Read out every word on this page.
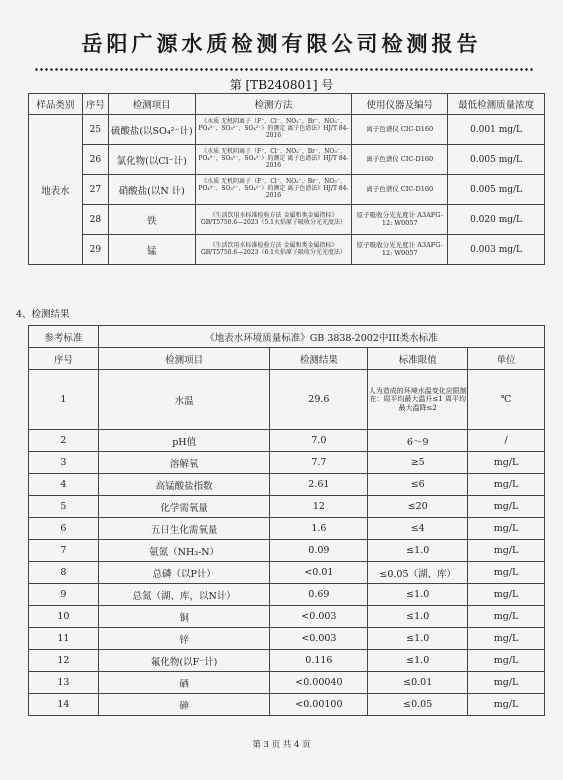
岳阳广源水质检测有限公司检测报告
第 [TB240801] 号
样品类别	序号	检测项目	检测方法	使用仪器及编号	最低检测质量浓度
地表水	25	硫酸盐(以SO₄²⁻计)	《水质 无机阴离子（F⁻、Cl⁻、NO₂⁻、Br⁻、NO₃⁻、PO₄³⁻、SO₃²⁻、SO₄²⁻）的测定 离子色谱法》HJ/T 84-2016	离子色谱仪 CIC-D160	0.001 mg/L
	26	氯化物(以Cl⁻计)	《水质 无机阴离子（F⁻、Cl⁻、NO₂⁻、Br⁻、NO₃⁻、PO₄³⁻、SO₃²⁻、SO₄²⁻）的测定 离子色谱法》HJ/T 84-2016	离子色谱仪 CIC-D160	0.005 mg/L
	27	硝酸盐(以N 计)	《水质 无机阴离子（F⁻、Cl⁻、NO₂⁻、Br⁻、NO₃⁻、PO₄³⁻、SO₃²⁻、SO₄²⁻）的测定 离子色谱法》HJ/T 84-2016	离子色谱仪 CIC-D160	0.005 mg/L
	28	铁	《生活饮用水标准检验方法 金属和类金属指标》GB/T5750.6—2023（5.1火焰原子吸收分光光度法）	原子吸收分光光度计 A3AFG-12: W0057	0.020 mg/L
	29	锰	《生活饮用水标准检验方法 金属和类金属指标》GB/T5750.6—2023（6.1火焰原子吸收分光光度法）	原子吸收分光光度计 A3AFG-12: W0057	0.003 mg/L
4、检测结果
参考标准	《地表水环境质量标准》GB 3838-2002中III类水标准			
序号	检测项目	检测结果	标准限值	单位
1	水温	29.6	人为造成的环境水温变化应限制在：周平均最大温升≤1 周平均最大温降≤2	℃
2	pH值	7.0	6～9	/
3	溶解氧	7.7	≥5	mg/L
4	高锰酸盐指数	2.61	≤6	mg/L
5	化学需氧量	12	≤20	mg/L
6	五日生化需氧量	1.6	≤4	mg/L
7	氨氮（NH₃-N）	0.09	≤1.0	mg/L
8	总磷（以P计）	<0.01	≤0.05（湖、库）	mg/L
9	总氮（湖、库，以N计）	0.69	≤1.0	mg/L
10	铜	<0.003	≤1.0	mg/L
11	锌	<0.003	≤1.0	mg/L
12	氟化物(以F⁻计)	0.116	≤1.0	mg/L
13	硒	<0.00040	≤0.01	mg/L
14	砷	<0.00100	≤0.05	mg/L
第 3 页 共 4 页
